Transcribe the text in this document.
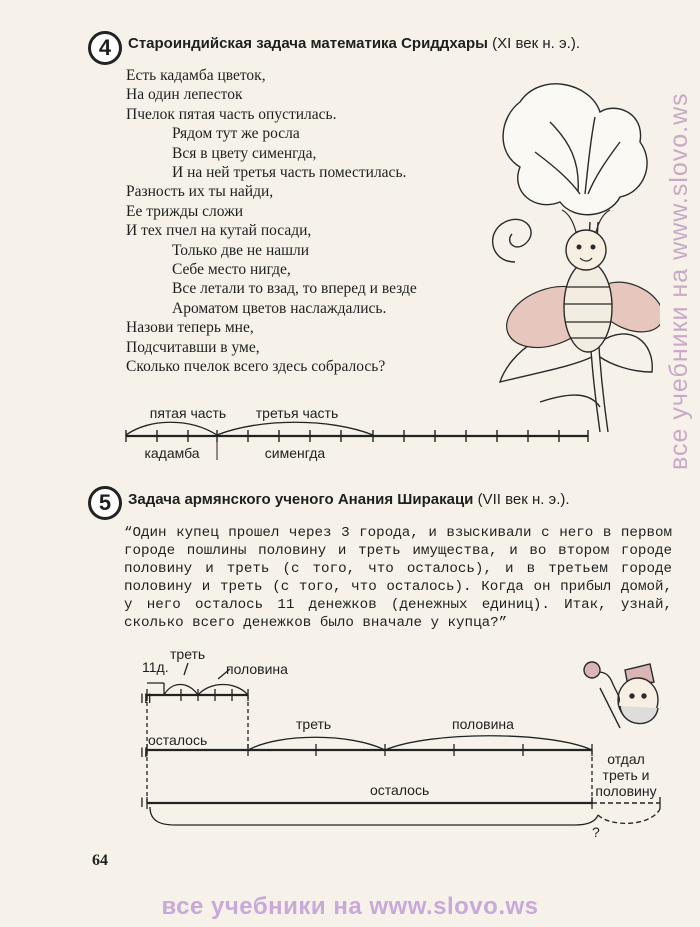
4	Староиндийская задача математика Сриддхары (XI век н. э.).
Есть кадамба цветок,
На один лепесток
Пчелок пятая часть опустилась.
Рядом тут же росла
Вся в цвету сименгда,
И на ней третья часть поместилась.
Разность их ты найди,
Ее трижды сложи
И тех пчел на кутай посади,
Только две не нашли
Себе место нигде,
Все летали то взад, то вперед и везде
Ароматом цветов наслаждались.
Назови теперь мне,
Подсчитавши в уме,
Сколько пчелок всего здесь собралось?
пятая часть третья часть
кадамба	сименгда
5	Задача армянского ученого Анания Ширакаци (VII век н. э.).
“Один купец прошел через 3 города, и взыскивали с него в первом городе пошлины половину и треть имущества, и во втором городе половину и треть (с того, что осталось), и в третьем городе половину и треть (с того, что осталось). Когда он прибыл домой, у него осталось 11 денежков (денежных единиц). Итак, узнай, сколько всего денежков было вначале у купца?”
III
II
I
11д.
треть
половина
осталось
треть	половина
осталось
отдал
треть и
половину
?
64
все учебники на www.slovo.ws
все учебники на www.slovo.ws
